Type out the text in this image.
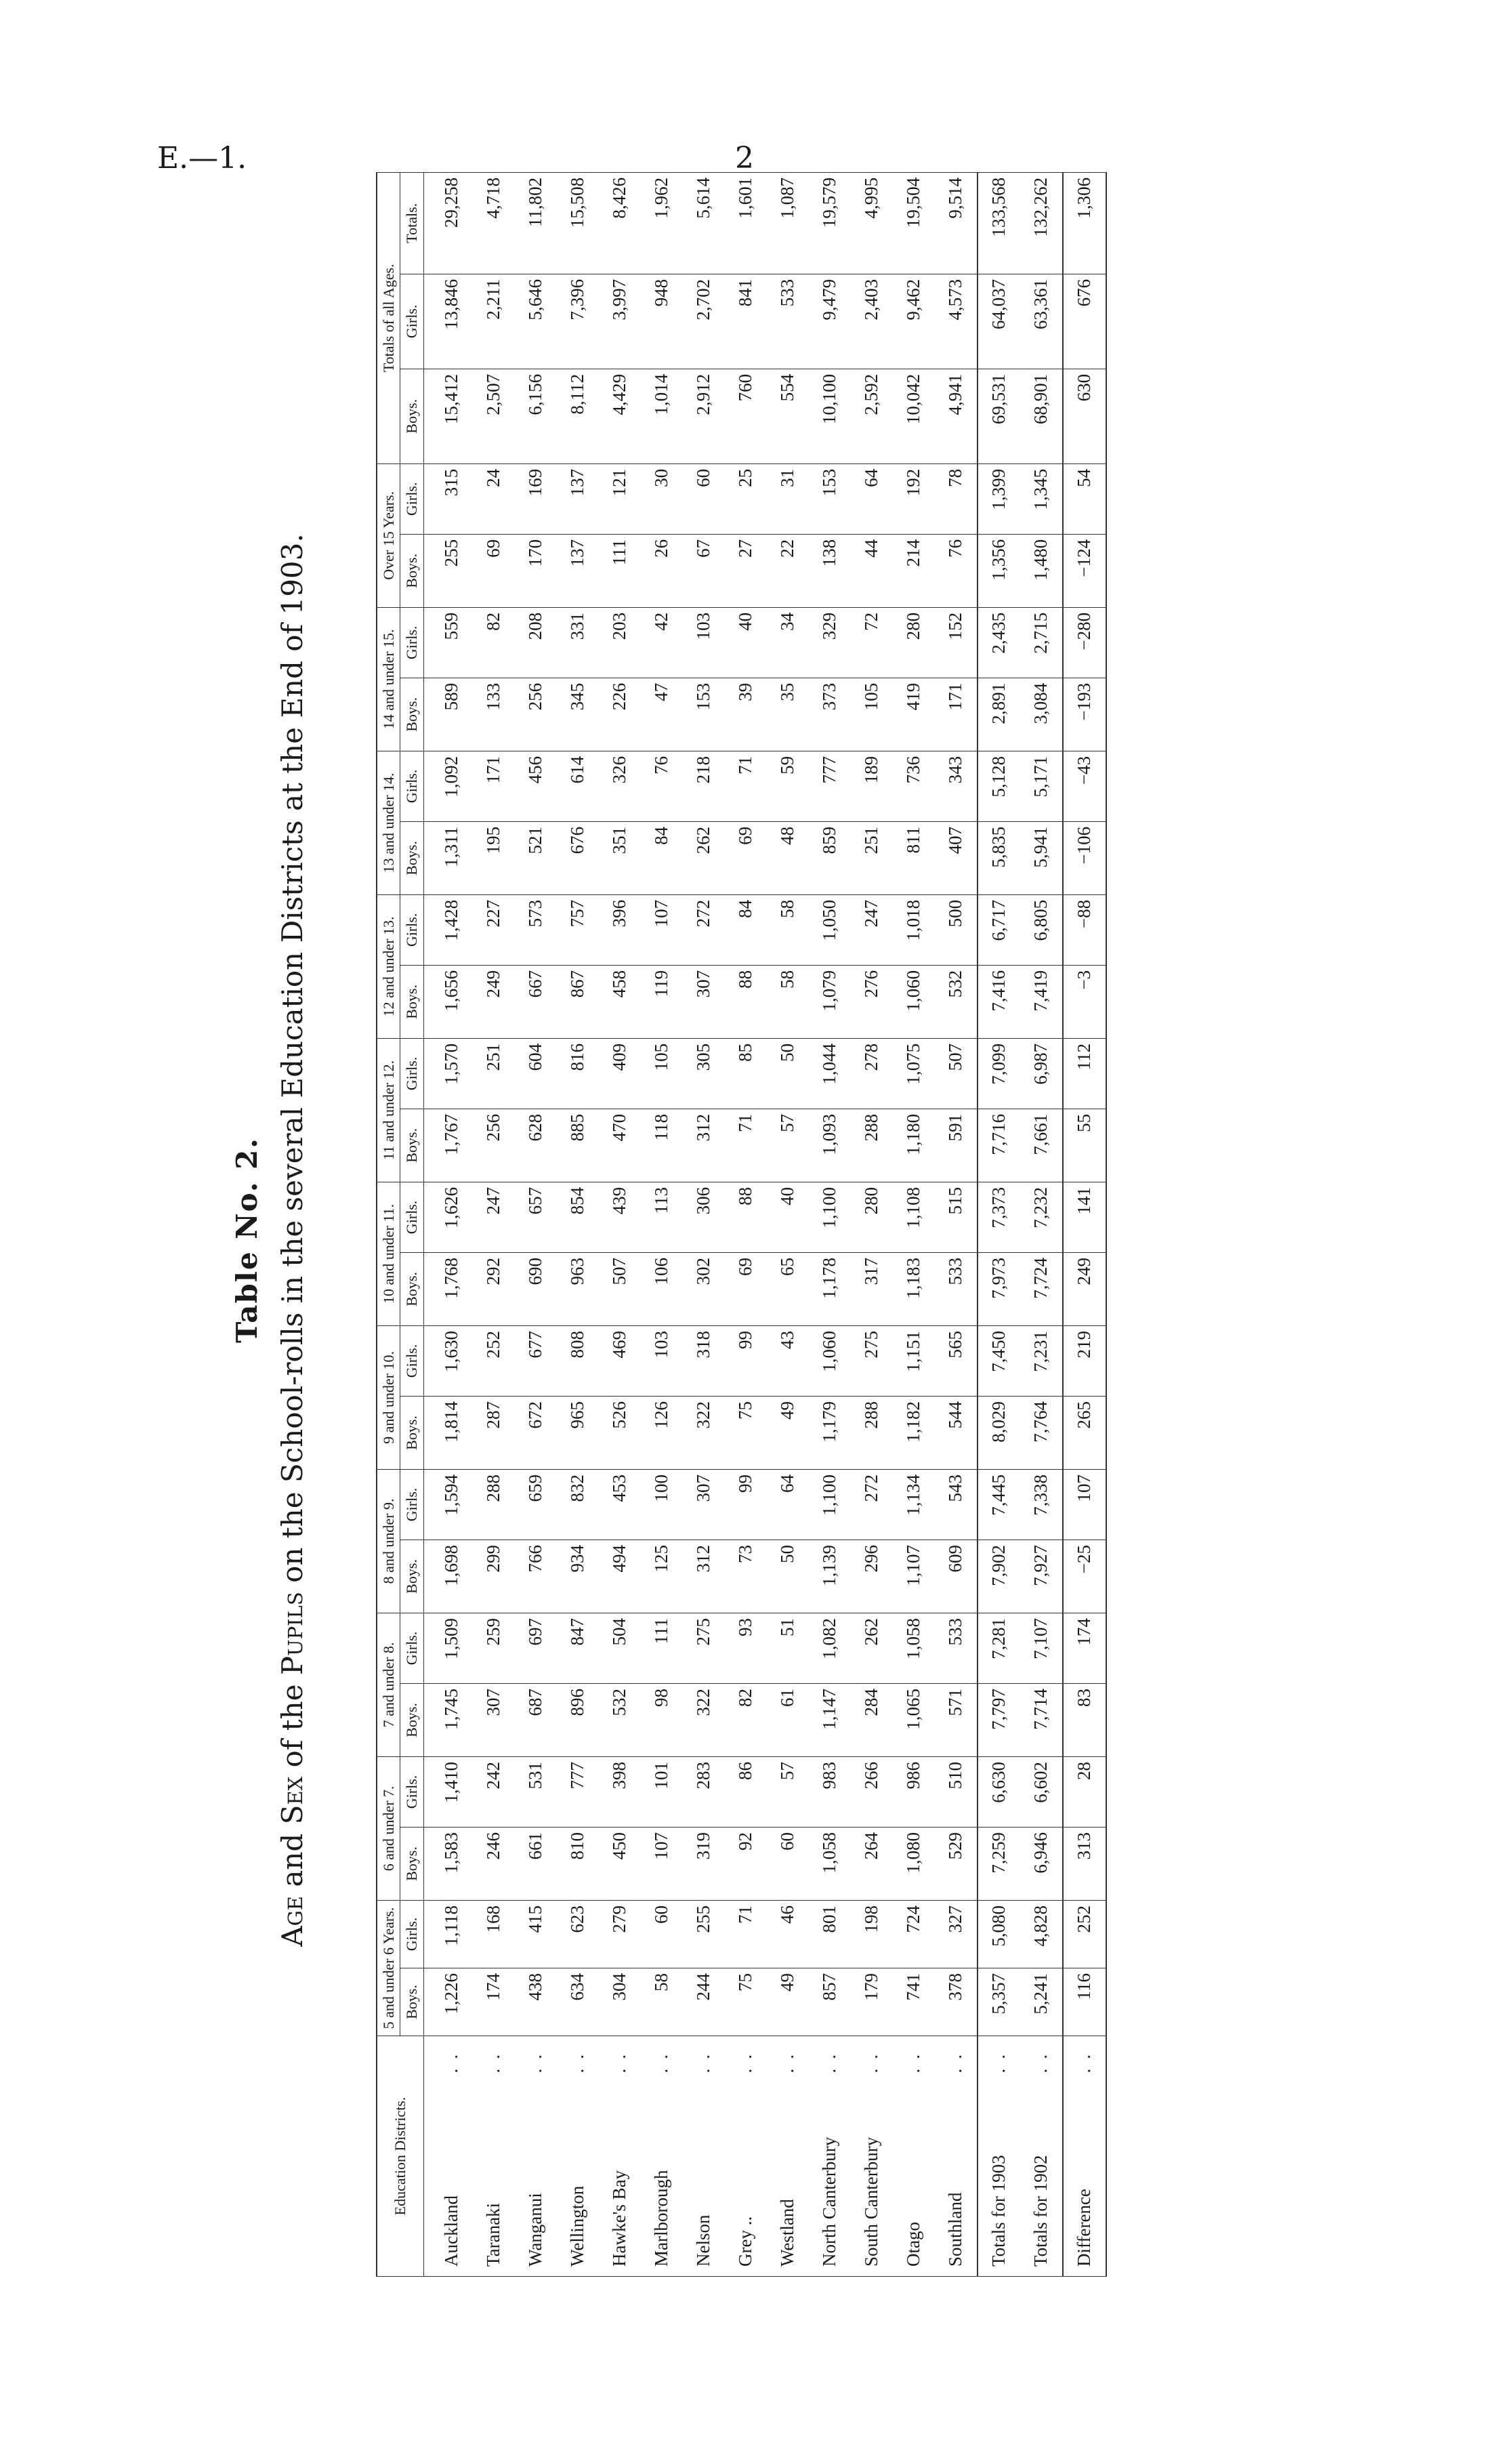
E.—1.	2
Table No. 2.
Age and Sex of the Pupils on the School-rolls in the several Education Districts at the End of 1903.
Education Districts.	5 and under 6 Years.		6 and under 7.		7 and under 8.		8 and under 9.		9 and under 10.		10 and under 11.		11 and under 12.		12 and under 13.		13 and under 14.		14 and under 15.		Over 15 Years.		Totals of all Ages.		
	Boys.	Girls.	Boys.	Girls.	Boys.	Girls.	Boys.	Girls.	Boys.	Girls.	Boys.	Girls.	Boys.	Girls.	Boys.	Girls.	Boys.	Girls.	Boys.	Girls.	Boys.	Girls.	Boys.	Girls.	Totals.

Auckland
..	1,226	1,118	1,583	1,410	1,745	1,509	1,698	1,594	1,814	1,630	1,768	1,626	1,767	1,570	1,656	1,428	1,311	1,092	589	559	255	315	15,412	13,846	29,258

Taranaki
..	174	168	246	242	307	259	299	288	287	252	292	247	256	251	249	227	195	171	133	82	69	24	2,507	2,211	4,718

Wanganui
..	438	415	661	531	687	697	766	659	672	677	690	657	628	604	667	573	521	456	256	208	170	169	6,156	5,646	11,802

Wellington
..	634	623	810	777	896	847	934	832	965	808	963	854	885	816	867	757	676	614	345	331	137	137	8,112	7,396	15,508

Hawke's Bay
..	304	279	450	398	532	504	494	453	526	469	507	439	470	409	458	396	351	326	226	203	111	121	4,429	3,997	8,426

Marlborough
..	58	60	107	101	98	111	125	100	126	103	106	113	118	105	119	107	84	76	47	42	26	30	1,014	948	1,962

Nelson
..	244	255	319	283	322	275	312	307	322	318	302	306	312	305	307	272	262	218	153	103	67	60	2,912	2,702	5,614

Grey ..
..	75	71	92	86	82	93	73	99	75	99	69	88	71	85	88	84	69	71	39	40	27	25	760	841	1,601

Westland
..	49	46	60	57	61	51	50	64	49	43	65	40	57	50	58	58	48	59	35	34	22	31	554	533	1,087

North Canterbury
..	857	801	1,058	983	1,147	1,082	1,139	1,100	1,179	1,060	1,178	1,100	1,093	1,044	1,079	1,050	859	777	373	329	138	153	10,100	9,479	19,579

South Canterbury
..	179	198	264	266	284	262	296	272	288	275	317	280	288	278	276	247	251	189	105	72	44	64	2,592	2,403	4,995

Otago
..	741	724	1,080	986	1,065	1,058	1,107	1,134	1,182	1,151	1,183	1,108	1,180	1,075	1,060	1,018	811	736	419	280	214	192	10,042	9,462	19,504

Southland
..	378	327	529	510	571	533	609	543	544	565	533	515	591	507	532	500	407	343	171	152	76	78	4,941	4,573	9,514

Totals for 1903
..	5,357	5,080	7,259	6,630	7,797	7,281	7,902	7,445	8,029	7,450	7,973	7,373	7,716	7,099	7,416	6,717	5,835	5,128	2,891	2,435	1,356	1,399	69,531	64,037	133,568

Totals for 1902
..	5,241	4,828	6,946	6,602	7,714	7,107	7,927	7,338	7,764	7,231	7,724	7,232	7,661	6,987	7,419	6,805	5,941	5,171	3,084	2,715	1,480	1,345	68,901	63,361	132,262

Difference
..	116	252	313	28	83	174	−25	107	265	219	249	141	55	112	−3	−88	−106	−43	−193	−280	−124	54	630	676	1,306
